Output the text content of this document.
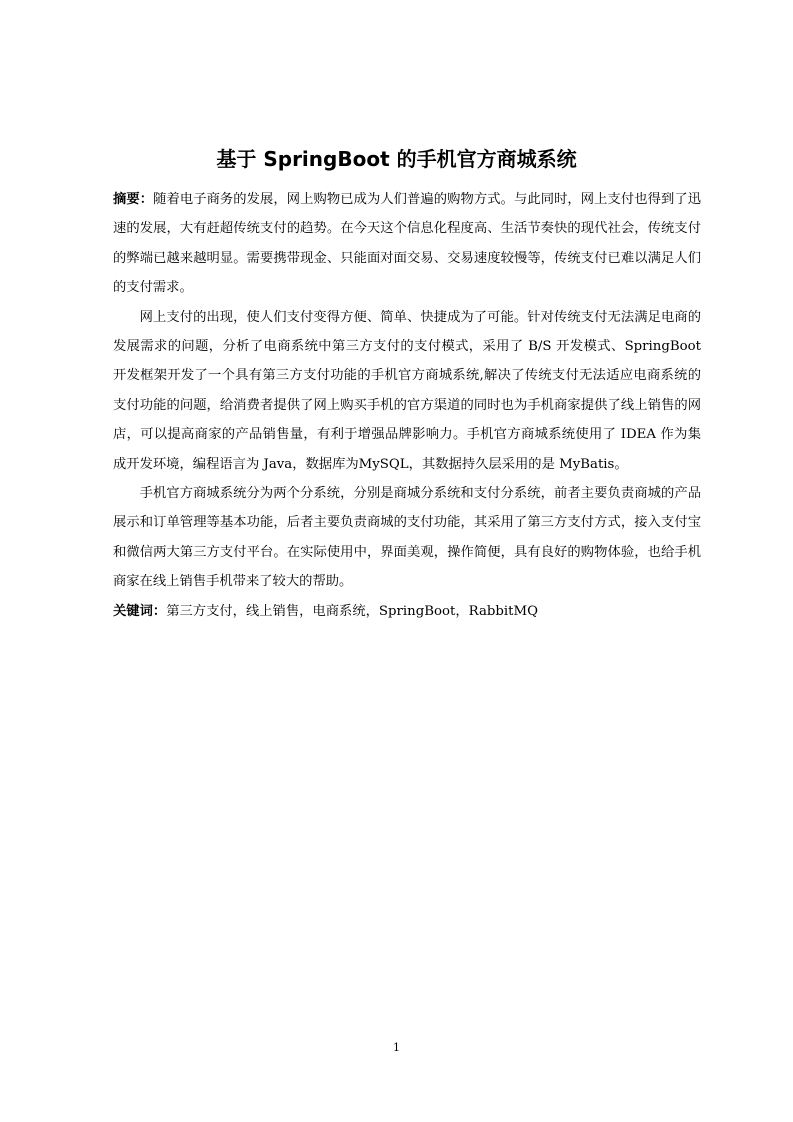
基于 SpringBoot 的手机官方商城系统

摘要：随着电子商务的发展，网上购物已成为人们普遍的购物方式。与此同时，网上支付也得到了迅速的发展，大有赶超传统支付的趋势。在今天这个信息化程度高、生活节奏快的现代社会，传统支付的弊端已越来越明显。需要携带现金、只能面对面交易、交易速度较慢等，传统支付已难以满足人们的支付需求。

网上支付的出现，使人们支付变得方便、简单、快捷成为了可能。针对传统支付无法满足电商的发展需求的问题，分析了电商系统中第三方支付的支付模式，采用了 B/S 开发模式、SpringBoot 开发框架开发了一个具有第三方支付功能的手机官方商城系统,解决了传统支付无法适应电商系统的支付功能的问题，给消费者提供了网上购买手机的官方渠道的同时也为手机商家提供了线上销售的网店，可以提高商家的产品销售量，有利于增强品牌影响力。手机官方商城系统使用了 IDEA 作为集成开发环境，编程语言为 Java，数据库为MySQL，其数据持久层采用的是 MyBatis。

手机官方商城系统分为两个分系统，分别是商城分系统和支付分系统，前者主要负责商城的产品展示和订单管理等基本功能，后者主要负责商城的支付功能，其采用了第三方支付方式，接入支付宝和微信两大第三方支付平台。在实际使用中，界面美观，操作简便，具有良好的购物体验，也给手机商家在线上销售手机带来了较大的帮助。

关键词：第三方支付，线上销售，电商系统，SpringBoot，RabbitMQ

1
